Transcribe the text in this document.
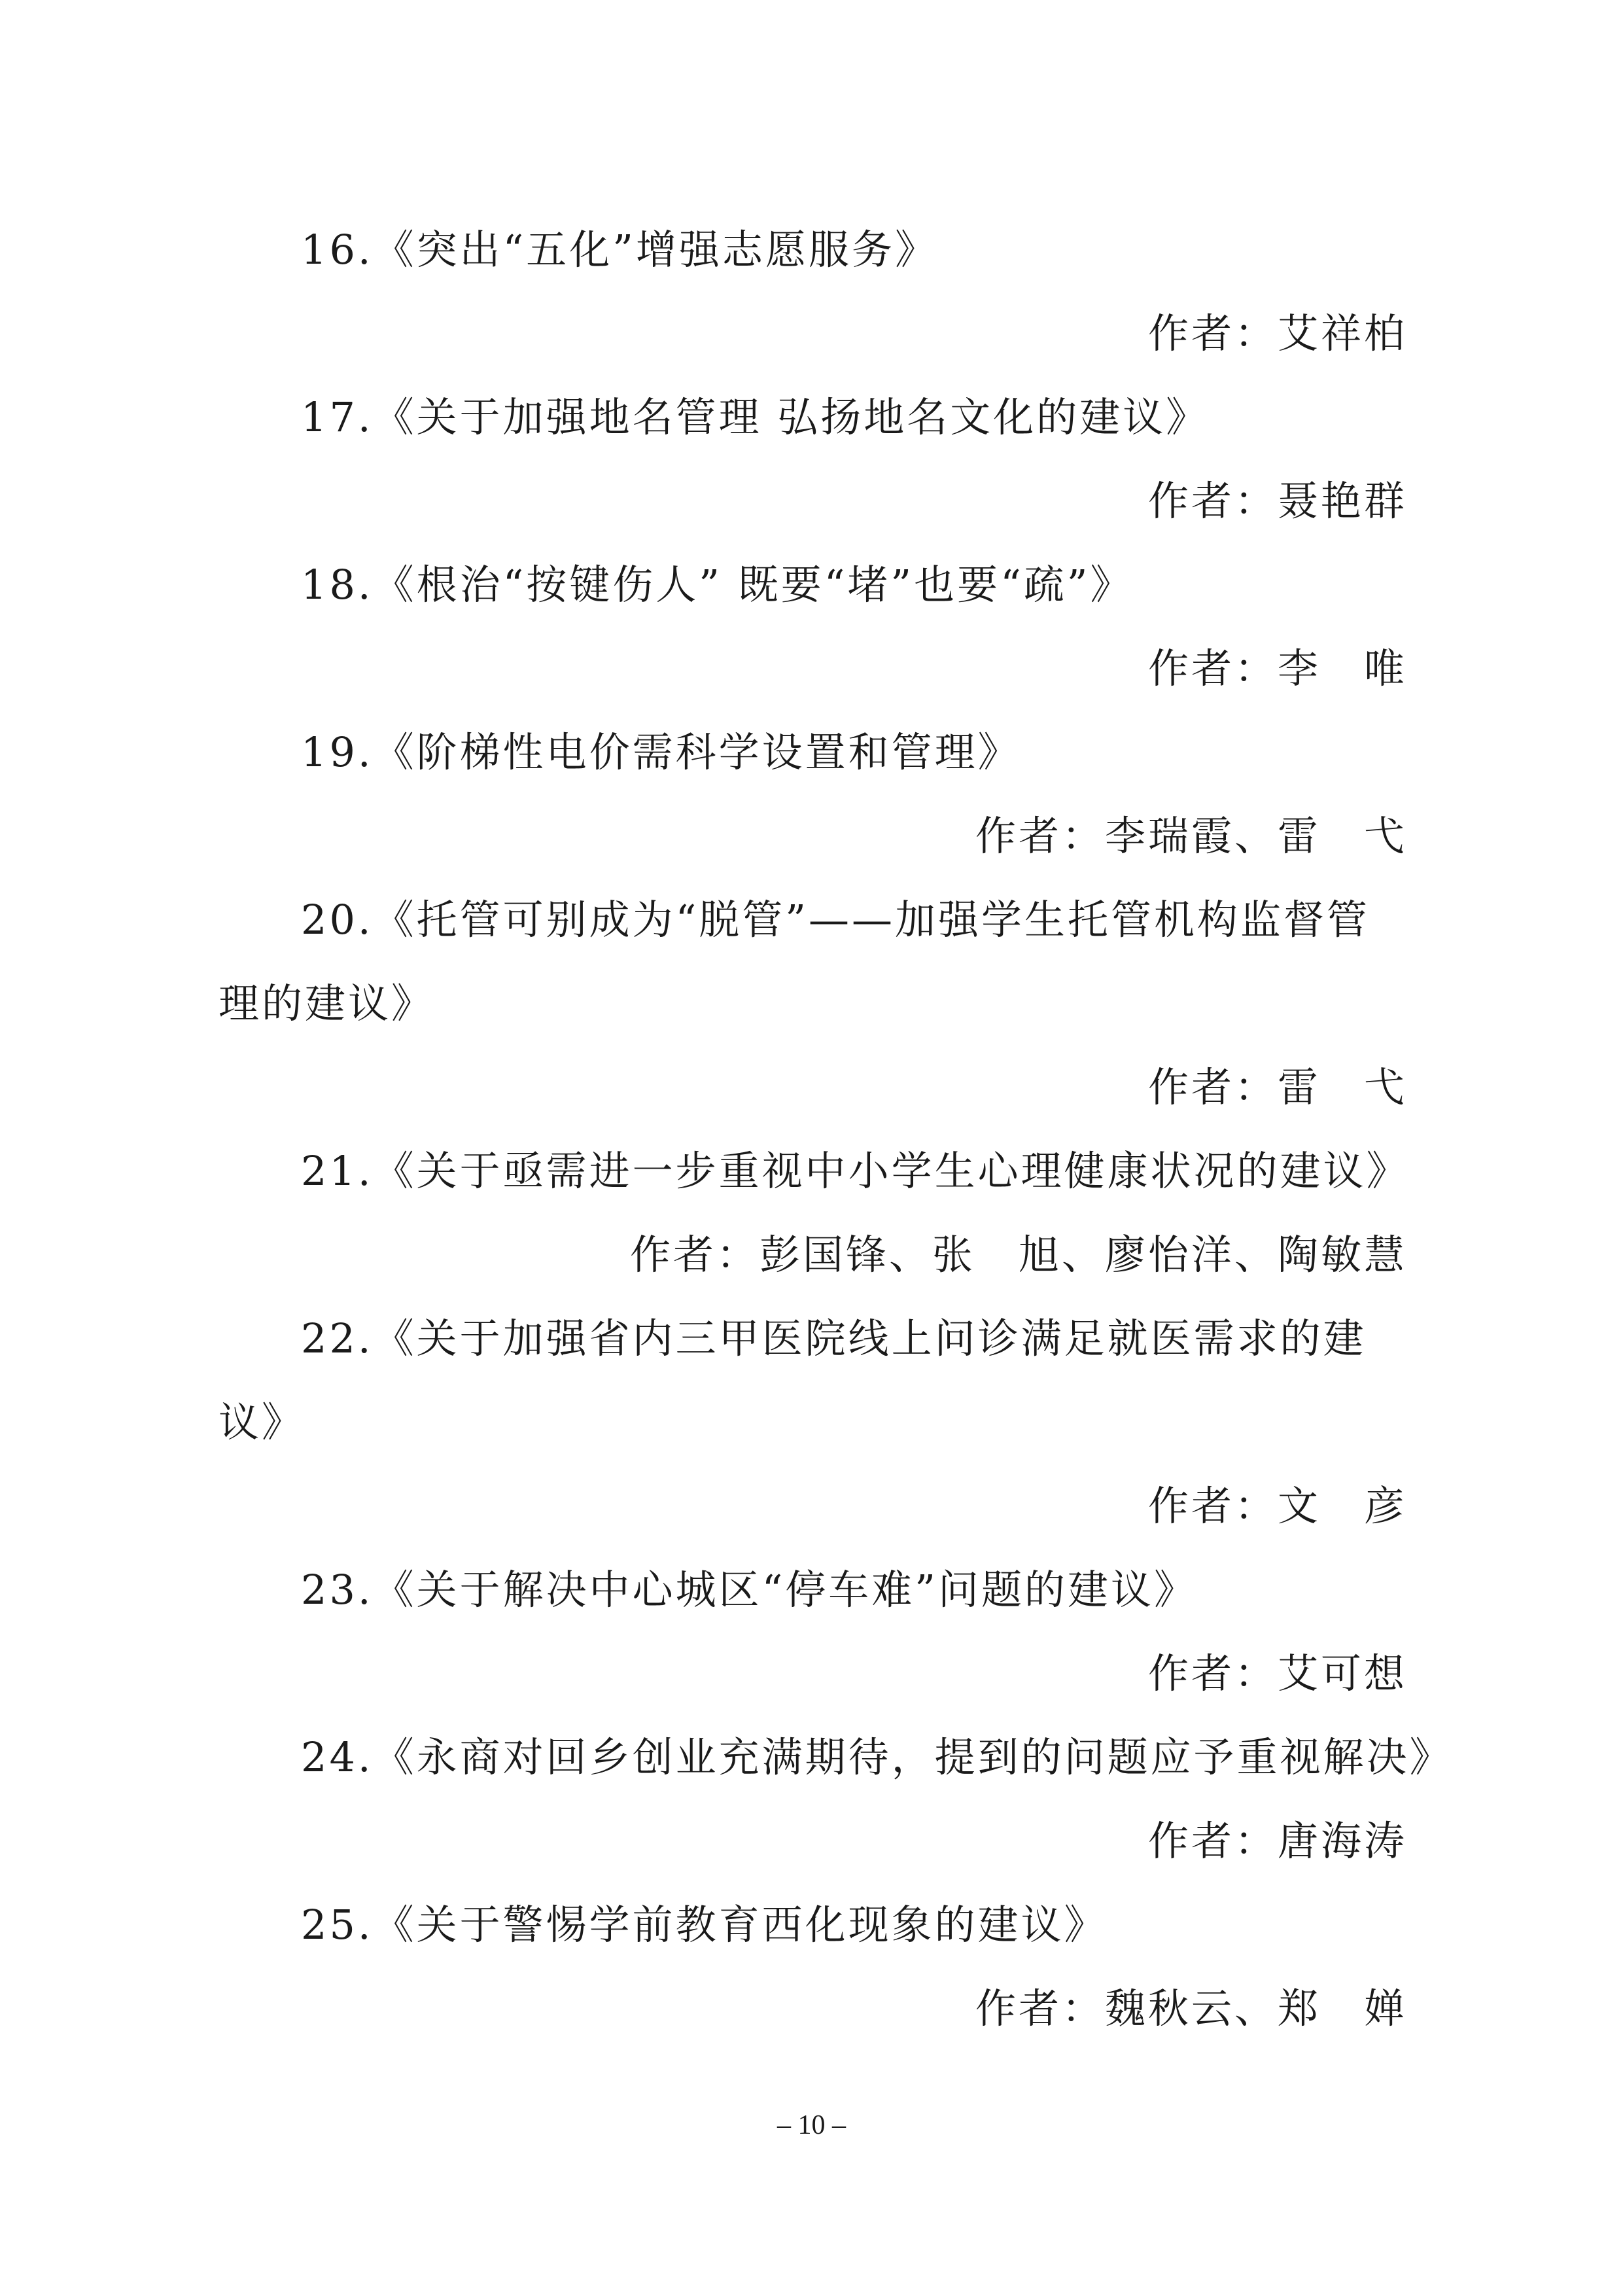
16.《突出“五化”增强志愿服务》
作者：艾祥柏
17.《关于加强地名管理 弘扬地名文化的建议》
作者：聂艳群
18.《根治“按键伤人” 既要“堵”也要“疏”》
作者：李　唯
19.《阶梯性电价需科学设置和管理》
作者：李瑞霞、雷　弋
20.《托管可别成为“脱管”——加强学生托管机构监督管
理的建议》
作者：雷　弋
21.《关于亟需进一步重视中小学生心理健康状况的建议》
作者：彭国锋、张　旭、廖怡洋、陶敏慧
22.《关于加强省内三甲医院线上问诊满足就医需求的建
议》
作者：文　彦
23.《关于解决中心城区“停车难”问题的建议》
作者：艾可想
24.《永商对回乡创业充满期待，提到的问题应予重视解决》
作者：唐海涛
25.《关于警惕学前教育西化现象的建议》
作者：魏秋云、郑　婵
– 10 –
